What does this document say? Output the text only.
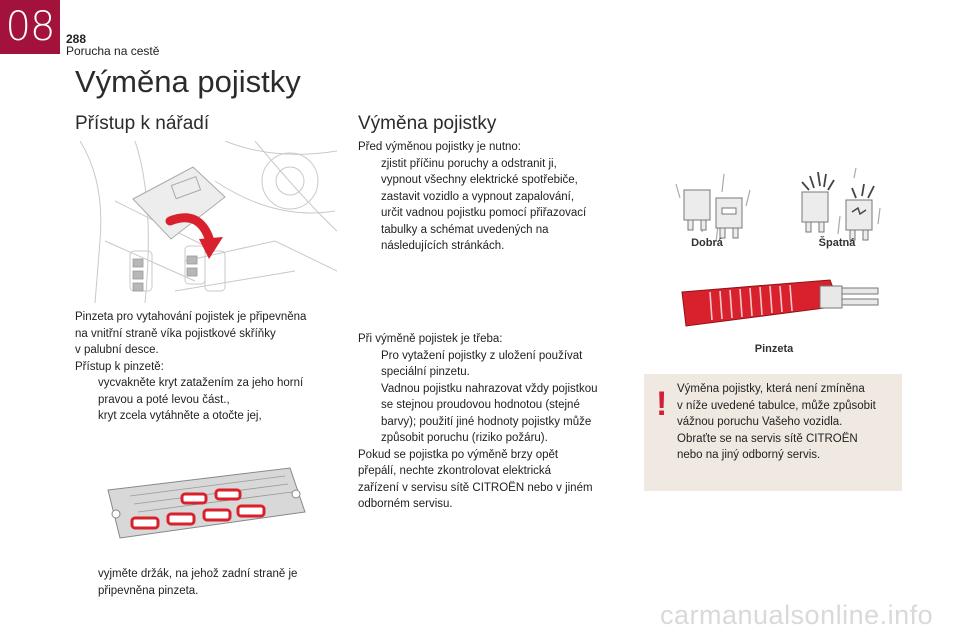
08 288
Porucha na cestě
Výměna pojistky
Přístup k nářadí

Pinzeta pro vytahování pojistek je připevněna

na vnitřní straně víka pojistkové skříňky

v palubní desce.

Přístup k pinzetě:

vycvakněte kryt zatažením za jeho horní

pravou a poté levou část.,

kryt zcela vytáhněte a otočte jej,

vyjměte držák, na jehož zadní straně je

připevněna pinzeta.

Výměna pojistky

Před výměnou pojistky je nutno:

zjistit příčinu poruchy a odstranit ji,

vypnout všechny elektrické spotřebiče,

zastavit vozidlo a vypnout zapalování,

určit vadnou pojistku pomocí přiřazovací

tabulky a schémat uvedených na

následujících stránkách.

Při výměně pojistek je třeba:

Pro vytažení pojistky z uložení používat

speciální pinzetu.

Vadnou pojistku nahrazovat vždy pojistkou

se stejnou proudovou hodnotou (stejné

barvy); použití jiné hodnoty pojistky může

způsobit poruchu (riziko požáru).

Pokud se pojistka po výměně brzy opět

přepálí, nechte zkontrolovat elektrická

zařízení v servisu sítě CITROËN nebo v jiném

odborném servisu.

Dobrá	Špatná
Pinzeta
! Výměna pojistky, která není zmíněna

v níže uvedené tabulce, může způsobit

vážnou poruchu Vašeho vozidla.

Obraťte se na servis sítě CITROËN

nebo na jiný odborný servis.

carmanualsonline.info
